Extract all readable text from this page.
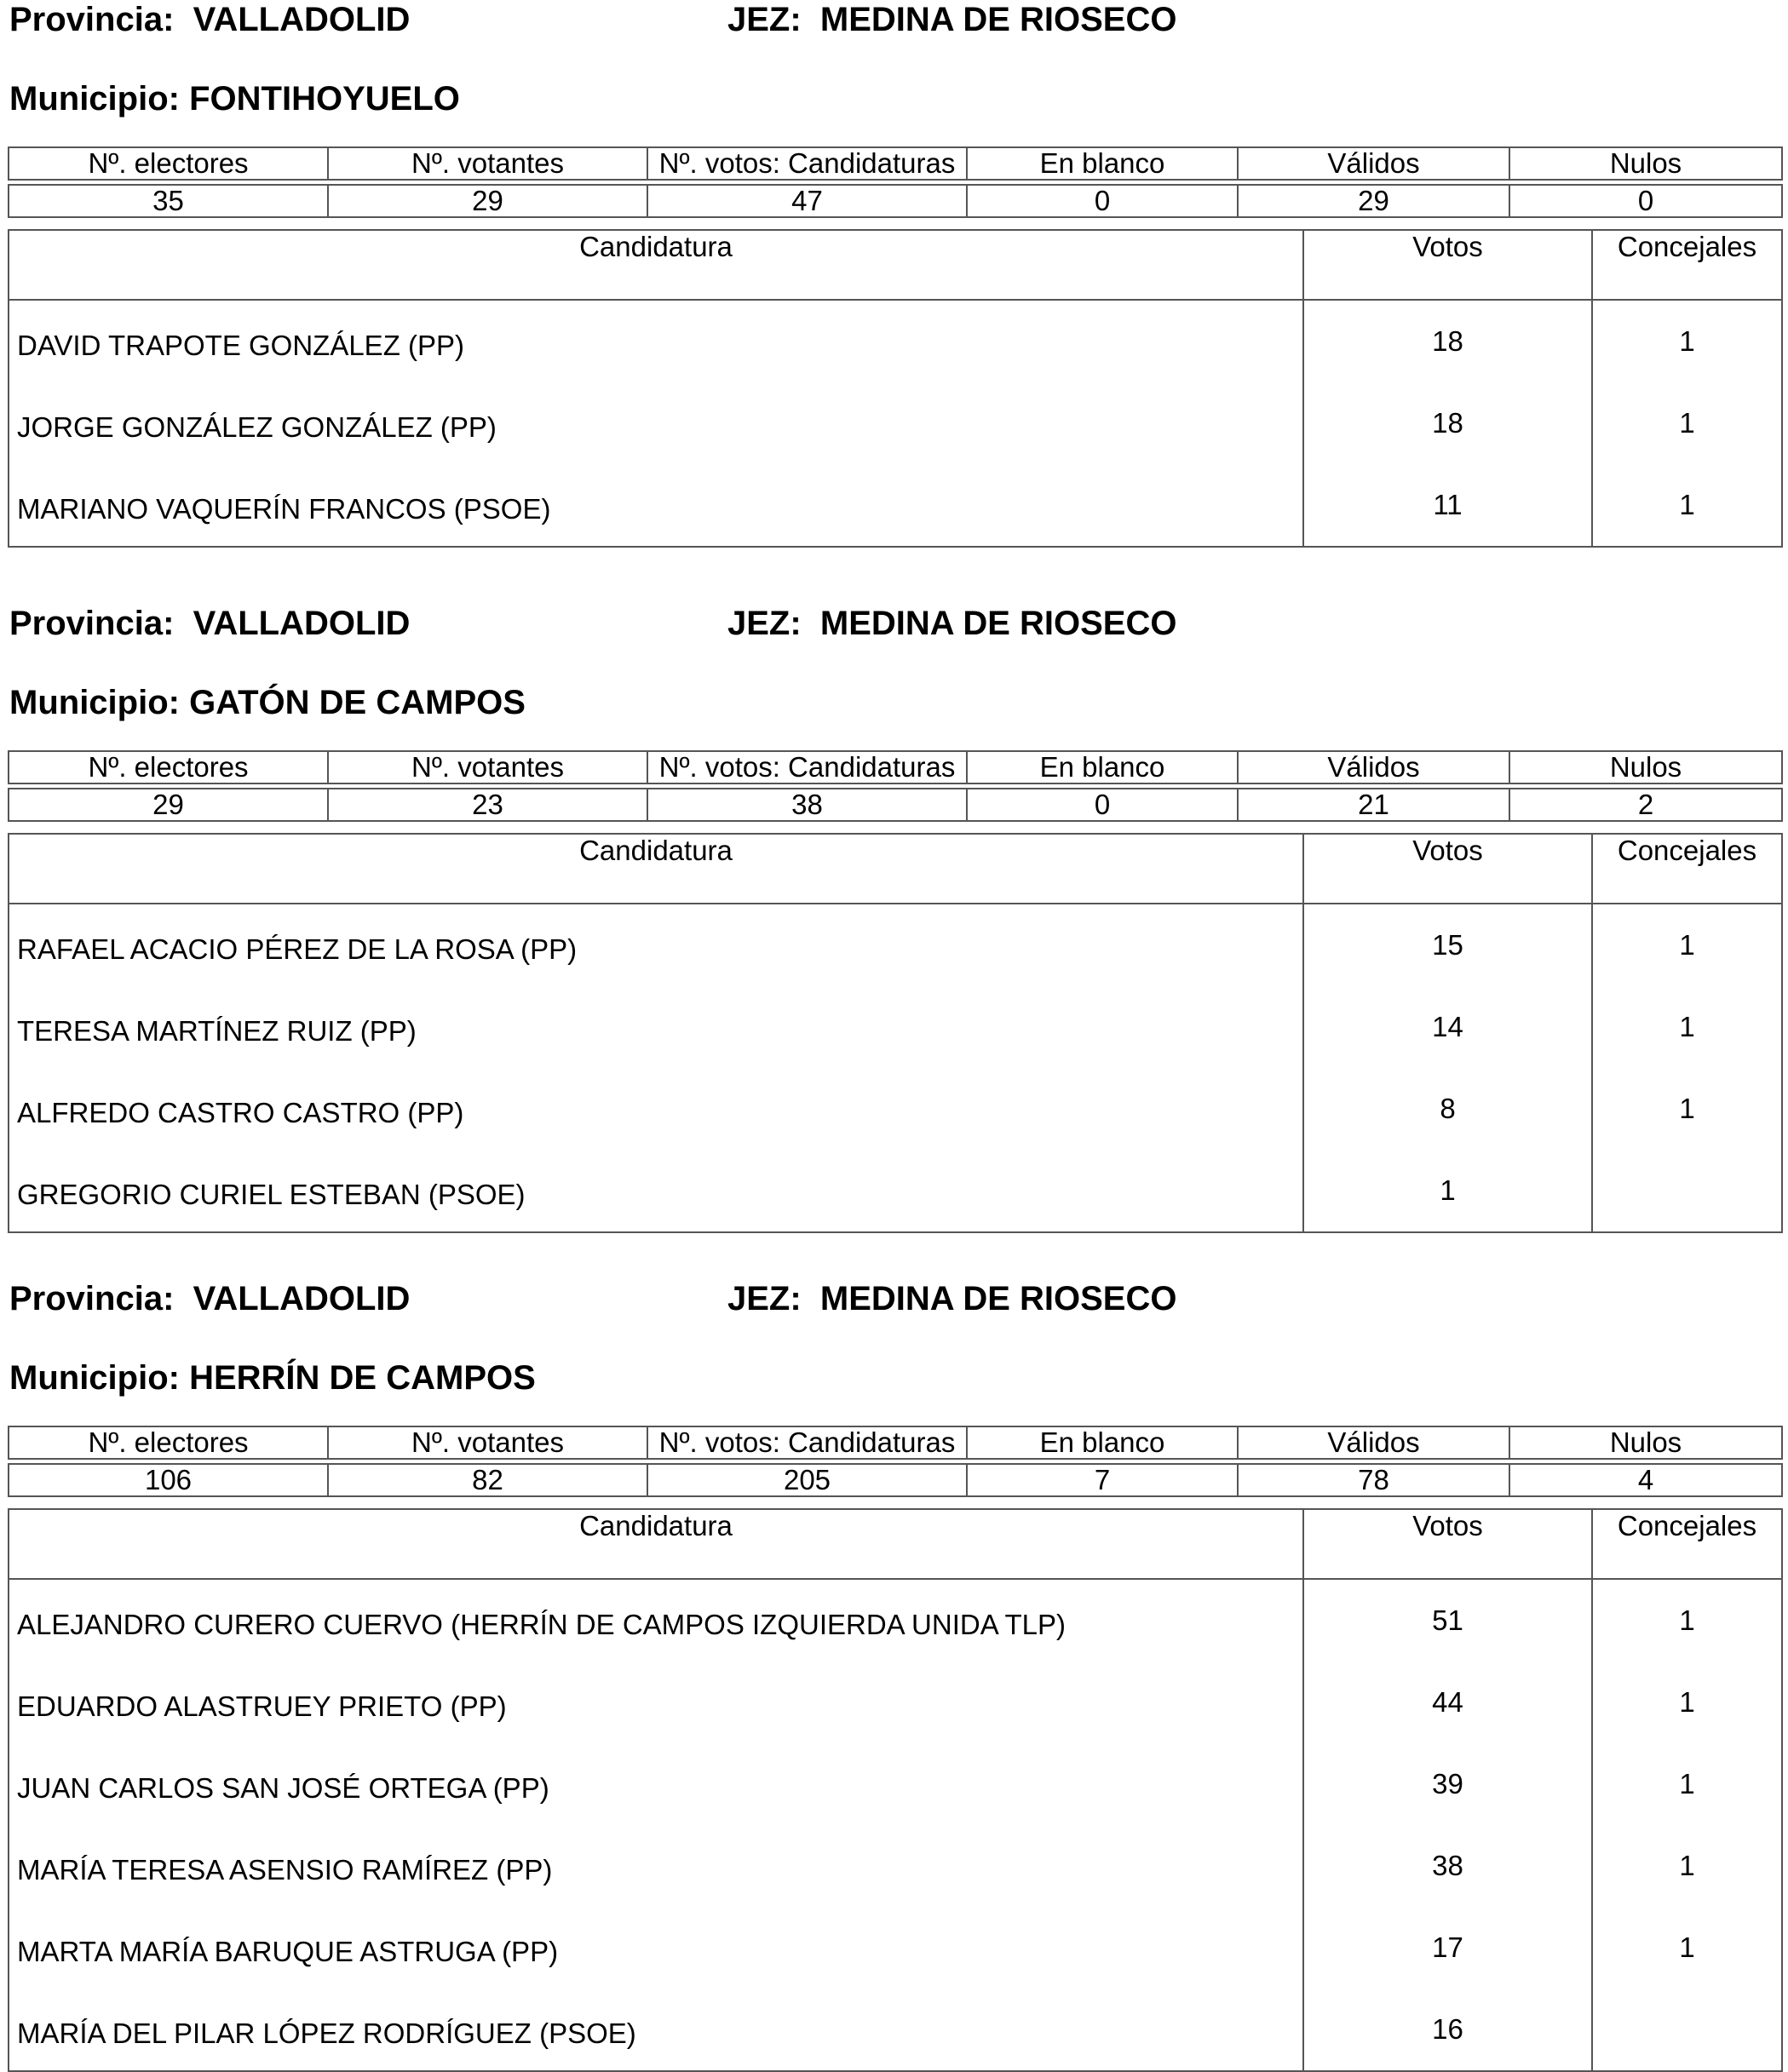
Provincia: VALLADOLID	JEZ: MEDINA DE RIOSECO
Municipio: FONTIHOYUELO
Nº. electores	Nº. votantes	Nº. votos: Candidaturas	En blanco	Válidos	Nulos

35	29	47	0	29	0
Candidatura	Votos	Concejales
DAVID TRAPOTE GONZÁLEZ (PP)	18	1
JORGE GONZÁLEZ GONZÁLEZ (PP)	18	1
MARIANO VAQUERÍN FRANCOS (PSOE)	11	1
Provincia: VALLADOLID	JEZ: MEDINA DE RIOSECO
Municipio: GATÓN DE CAMPOS
Nº. electores	Nº. votantes	Nº. votos: Candidaturas	En blanco	Válidos	Nulos

29	23	38	0	21	2
Candidatura	Votos	Concejales
RAFAEL ACACIO PÉREZ DE LA ROSA (PP)	15	1
TERESA MARTÍNEZ RUIZ (PP)	14	1
ALFREDO CASTRO CASTRO (PP)	8	1
GREGORIO CURIEL ESTEBAN (PSOE)	1	
Provincia: VALLADOLID	JEZ: MEDINA DE RIOSECO
Municipio: HERRÍN DE CAMPOS
Nº. electores	Nº. votantes	Nº. votos: Candidaturas	En blanco	Válidos	Nulos

106	82	205	7	78	4
Candidatura	Votos	Concejales
ALEJANDRO CURERO CUERVO (HERRÍN DE CAMPOS IZQUIERDA UNIDA TLP)	51	1
EDUARDO ALASTRUEY PRIETO (PP)	44	1
JUAN CARLOS SAN JOSÉ ORTEGA (PP)	39	1
MARÍA TERESA ASENSIO RAMÍREZ (PP)	38	1
MARTA MARÍA BARUQUE ASTRUGA (PP)	17	1
MARÍA DEL PILAR LÓPEZ RODRÍGUEZ (PSOE)	16	
